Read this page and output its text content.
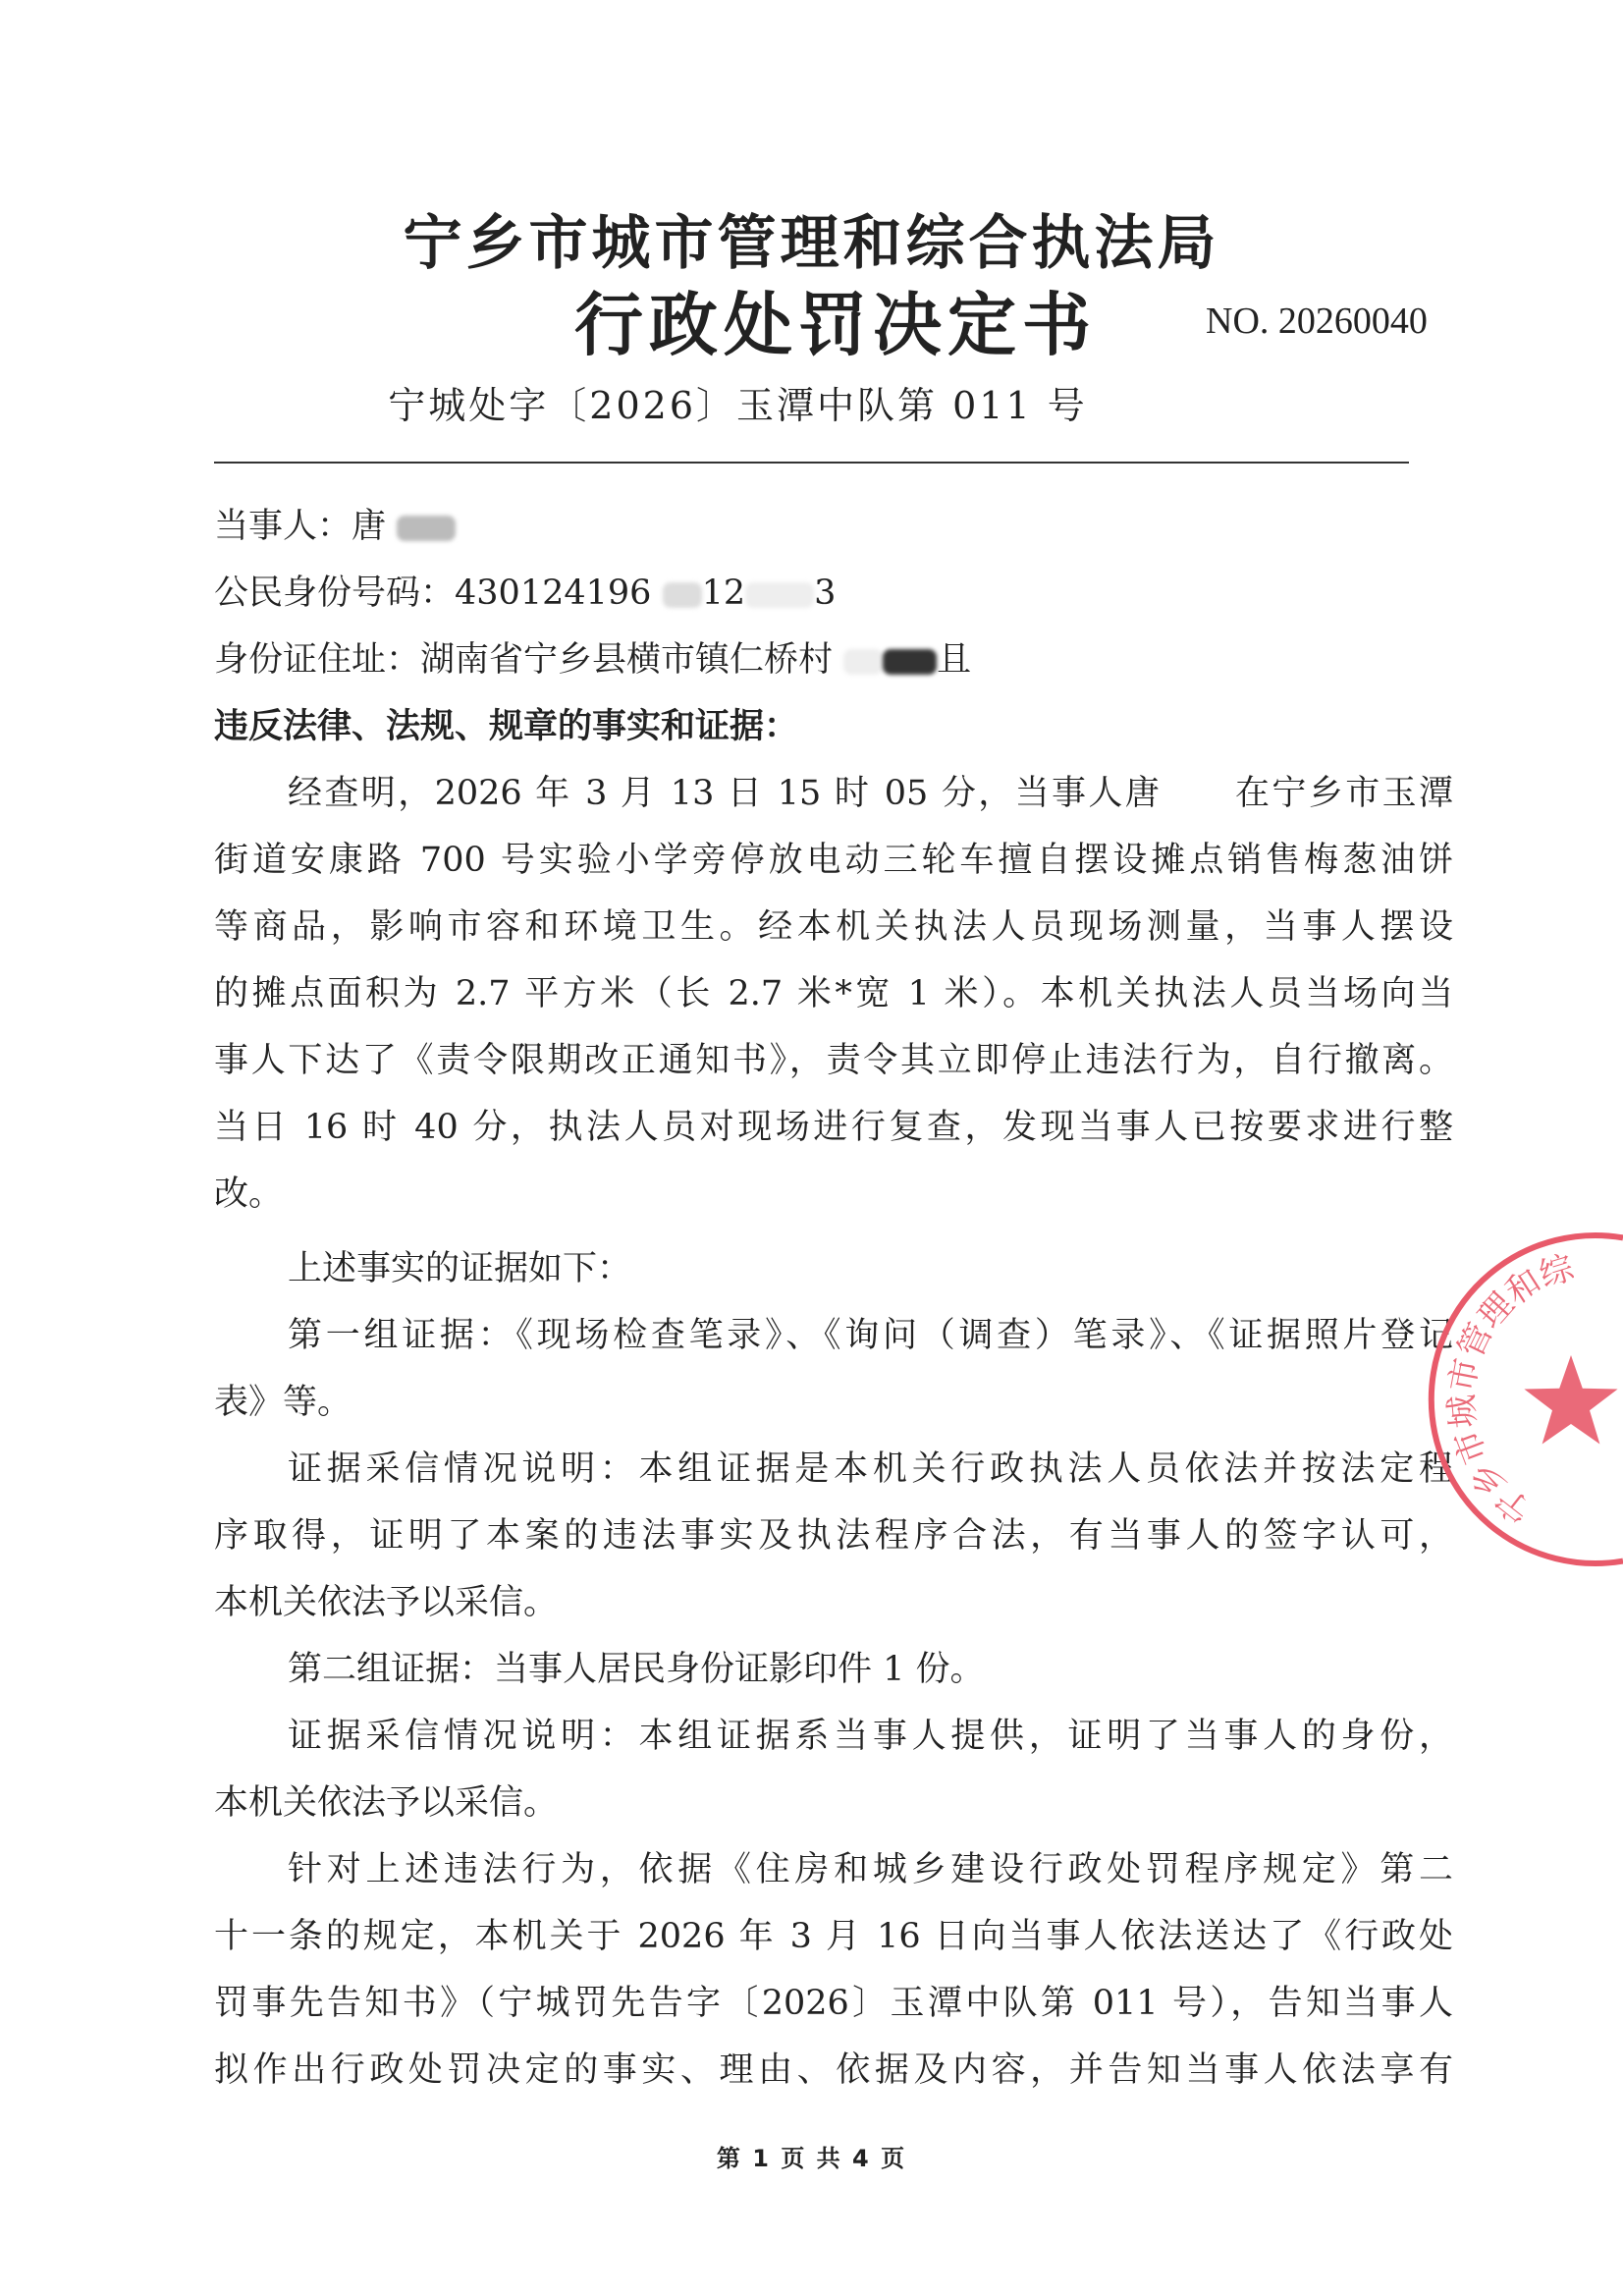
宁乡市城市管理和综合执法局
行政处罚决定书	NO. 20260040
宁城处字〔2026〕玉潭中队第 011 号
当事人：唐
公民身份号码：430124196 12 3
身份证住址：湖南省宁乡县横市镇仁桥村	且
违反法律、法规、规章的事实和证据：
经查明，2026 年 3 月 13 日 15 时 05 分，当事人唐　　在宁乡市玉潭
街道安康路 700 号实验小学旁停放电动三轮车擅自摆设摊点销售梅葱油饼
等商品，影响市容和环境卫生。经本机关执法人员现场测量，当事人摆设
的摊点面积为 2.7 平方米（长 2.7 米*宽 1 米）。本机关执法人员当场向当
事人下达了《责令限期改正通知书》，责令其立即停止违法行为，自行撤离。
当日 16 时 40 分，执法人员对现场进行复查，发现当事人已按要求进行整
改。
上述事实的证据如下：
第一组证据：《现场检查笔录》、《询问（调查）笔录》、《证据照片登记
表》等。
证据采信情况说明：本组证据是本机关行政执法人员依法并按法定程
序取得，证明了本案的违法事实及执法程序合法，有当事人的签字认可，
本机关依法予以采信。
第二组证据：当事人居民身份证影印件 1 份。
证据采信情况说明：本组证据系当事人提供，证明了当事人的身份，
本机关依法予以采信。
针对上述违法行为，依据《住房和城乡建设行政处罚程序规定》第二
十一条的规定，本机关于 2026 年 3 月 16 日向当事人依法送达了《行政处
罚事先告知书》（宁城罚先告字〔2026〕玉潭中队第 011 号），告知当事人
拟作出行政处罚决定的事实、理由、依据及内容，并告知当事人依法享有
宁乡市城市管理和综
第 1 页 共 4 页
